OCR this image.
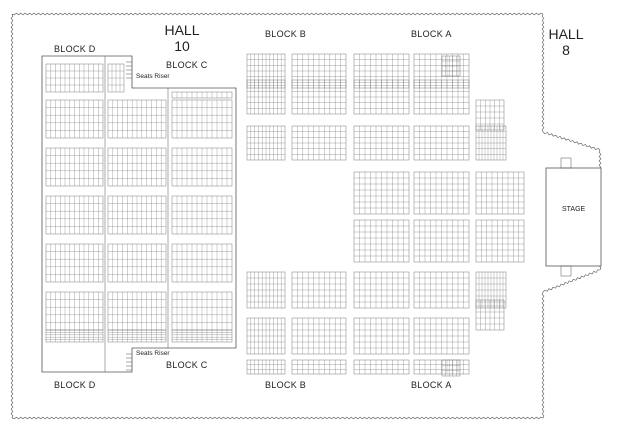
HALL
10
HALL
8
BLOCK D
BLOCK D
BLOCK C
BLOCK C
BLOCK B
BLOCK B
BLOCK A
BLOCK A
Seats Riser
Seats Riser
STAGE
